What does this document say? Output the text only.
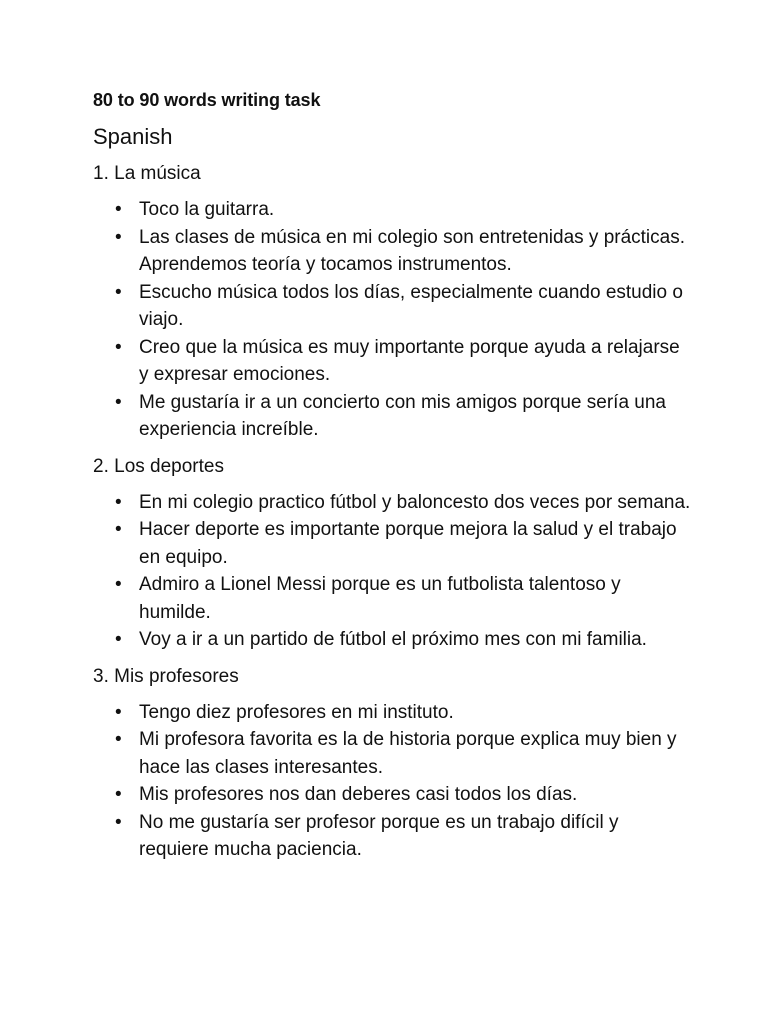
80 to 90 words writing task
Spanish

1. La música

• Toco la guitarra.
• Las clases de música en mi colegio son entretenidas y prácticas. Aprendemos teoría y tocamos instrumentos.
• Escucho música todos los días, especialmente cuando estudio o viajo.
• Creo que la música es muy importante porque ayuda a relajarse y expresar emociones.
• Me gustaría ir a un concierto con mis amigos porque sería una experiencia increíble.

2. Los deportes

• En mi colegio practico fútbol y baloncesto dos veces por semana.
• Hacer deporte es importante porque mejora la salud y el trabajo en equipo.
• Admiro a Lionel Messi porque es un futbolista talentoso y humilde.
• Voy a ir a un partido de fútbol el próximo mes con mi familia.

3. Mis profesores

• Tengo diez profesores en mi instituto.
• Mi profesora favorita es la de historia porque explica muy bien y hace las clases interesantes.
• Mis profesores nos dan deberes casi todos los días.
• No me gustaría ser profesor porque es un trabajo difícil y requiere mucha paciencia.
